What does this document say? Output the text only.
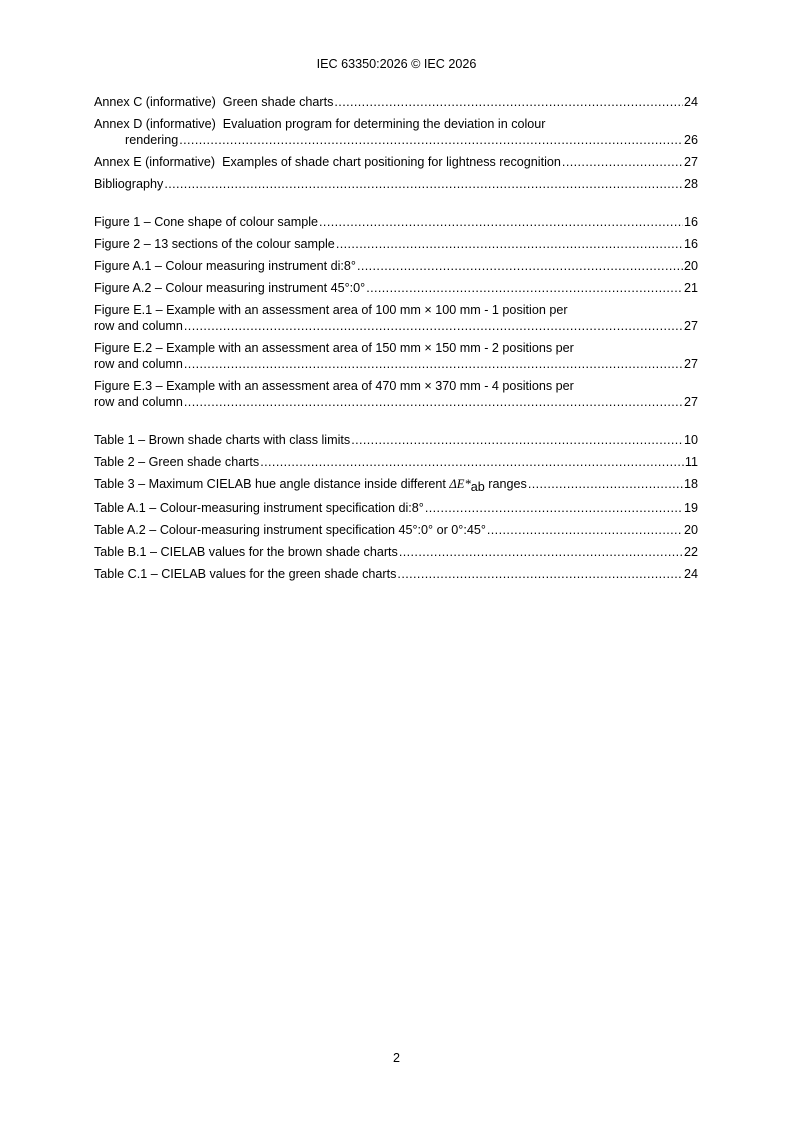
IEC 63350:2026 © IEC 2026
Annex C (informative)  Green shade charts .....	24
Annex D (informative)  Evaluation program for determining the deviation in colour
rendering .....	26
Annex E (informative)  Examples of shade chart positioning for lightness recognition .....	27
Bibliography .....	28
Figure 1 – Cone shape of colour sample .....	16
Figure 2 – 13 sections of the colour sample .....	16
Figure A.1 – Colour measuring instrument di:8° .....	20
Figure A.2 – Colour measuring instrument 45°:0° .....	21
Figure E.1 – Example with an assessment area of 100 mm × 100 mm - 1 position per
row and column .....	27
Figure E.2 – Example with an assessment area of 150 mm × 150 mm - 2 positions per
row and column .....	27
Figure E.3 – Example with an assessment area of 470 mm × 370 mm - 4 positions per
row and column .....	27
Table 1 – Brown shade charts with class limits .....	10
Table 2 – Green shade charts .....	11
Table 3 – Maximum CIELAB hue angle distance inside different ΔE*ab ranges .....	18
Table A.1 – Colour-measuring instrument specification di:8° .....	19
Table A.2 – Colour-measuring instrument specification 45°:0° or 0°:45° .....	20
Table B.1 – CIELAB values for the brown shade charts .....	22
Table C.1 – CIELAB values for the green shade charts .....	24
2
